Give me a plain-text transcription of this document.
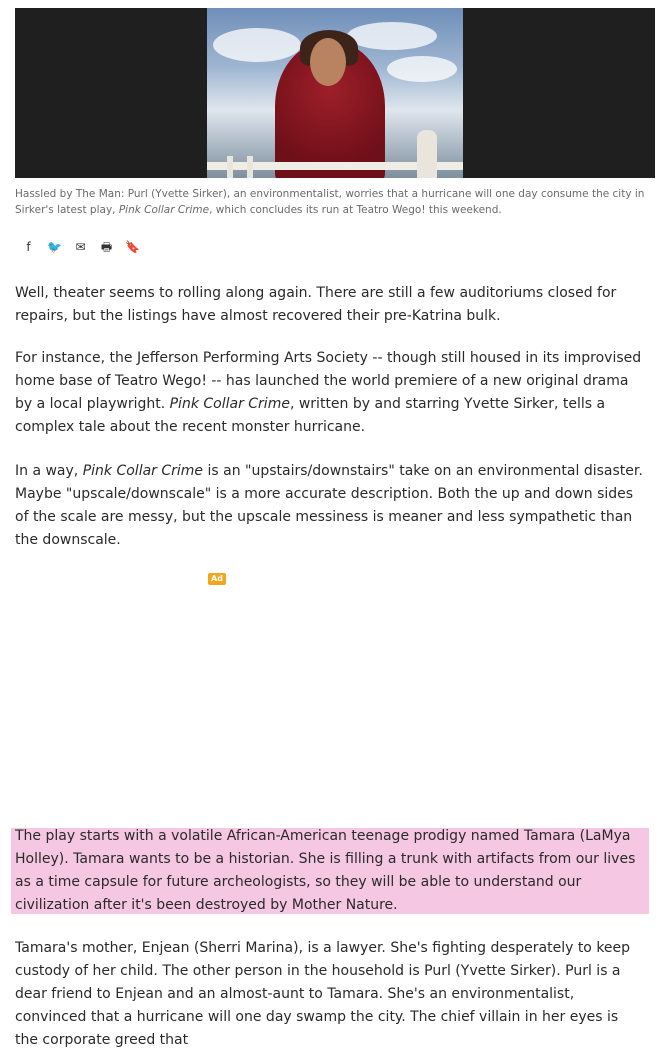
Hassled by The Man: Purl (Yvette Sirker), an environmentalist, worries that a hurricane will one day consume the city in Sirker's latest play, Pink Collar Crime, which concludes its run at Teatro Wego! this weekend.
f	🐦 ✉ 🖶 🔖

Well, theater seems to rolling along again. There are still a few auditoriums closed for repairs, but the listings have almost recovered their pre-Katrina bulk.

For instance, the Jefferson Performing Arts Society -- though still housed in its improvised home base of Teatro Wego! -- has launched the world premiere of a new original drama by a local playwright. Pink Collar Crime, written by and starring Yvette Sirker, tells a complex tale about the recent monster hurricane.

In a way, Pink Collar Crime is an "upstairs/downstairs" take on an environmental disaster. Maybe "upscale/downscale" is a more accurate description. Both the up and down sides of the scale are messy, but the upscale messiness is meaner and less sympathetic than the downscale.

Ad

The play starts with a volatile African-American teenage prodigy named Tamara (LaMya Holley). Tamara wants to be a historian. She is filling a trunk with artifacts from our lives as a time capsule for future archeologists, so they will be able to understand our civilization after it's been destroyed by Mother Nature.

Tamara's mother, Enjean (Sherri Marina), is a lawyer. She's fighting desperately to keep custody of her child. The other person in the household is Purl (Yvette Sirker). Purl is a dear friend to Enjean and an almost-aunt to Tamara. She's an environmentalist, convinced that a hurricane will one day swamp the city. The chief villain in her eyes is the corporate greed that
